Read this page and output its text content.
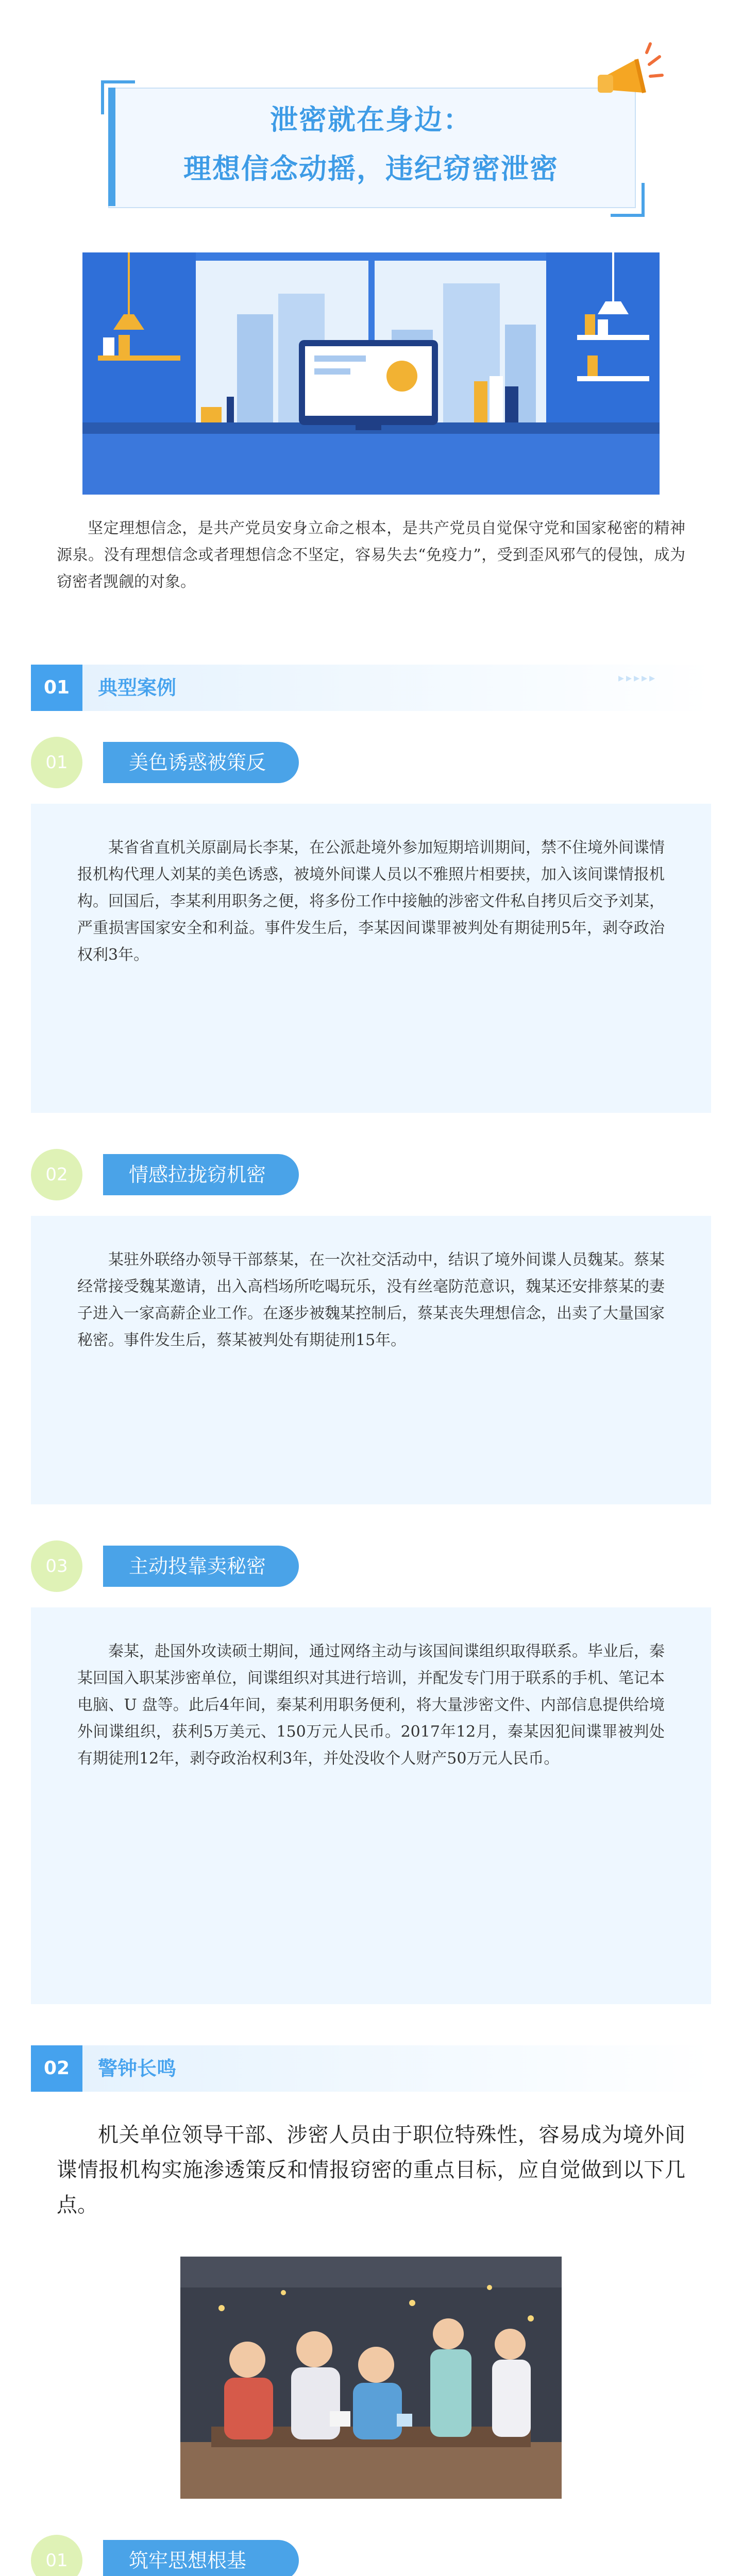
泄密就在身边：
理想信念动摇，违纪窃密泄密
坚定理想信念，是共产党员安身立命之根本，是共产党员自觉保守党和国家秘密的精神源泉。没有理想信念或者理想信念不坚定，容易失去“免疫力”，受到歪风邪气的侵蚀，成为窃密者觊觎的对象。
01	典型案例	▸▸▸▸▸
01	美色诱惑被策反
某省省直机关原副局长李某，在公派赴境外参加短期培训期间，禁不住境外间谍情报机构代理人刘某的美色诱惑，被境外间谍人员以不雅照片相要挟，加入该间谍情报机构。回国后，李某利用职务之便，将多份工作中接触的涉密文件私自拷贝后交予刘某，严重损害国家安全和利益。事件发生后，李某因间谍罪被判处有期徒刑5年，剥夺政治权利3年。
02	情感拉拢窃机密
某驻外联络办领导干部蔡某，在一次社交活动中，结识了境外间谍人员魏某。蔡某经常接受魏某邀请，出入高档场所吃喝玩乐，没有丝毫防范意识，魏某还安排蔡某的妻子进入一家高薪企业工作。在逐步被魏某控制后，蔡某丧失理想信念，出卖了大量国家秘密。事件发生后，蔡某被判处有期徒刑15年。
03	主动投靠卖秘密
秦某，赴国外攻读硕士期间，通过网络主动与该国间谍组织取得联系。毕业后，秦某回国入职某涉密单位，间谍组织对其进行培训，并配发专门用于联系的手机、笔记本电脑、U 盘等。此后4年间，秦某利用职务便利，将大量涉密文件、内部信息提供给境外间谍组织，获利5万美元、150万元人民币。2017年12月，秦某因犯间谍罪被判处有期徒刑12年，剥夺政治权利3年，并处没收个人财产50万元人民币。
02	警钟长鸣
机关单位领导干部、涉密人员由于职位特殊性，容易成为境外间谍情报机构实施渗透策反和情报窃密的重点目标，应自觉做到以下几点。
01	筑牢思想根基
